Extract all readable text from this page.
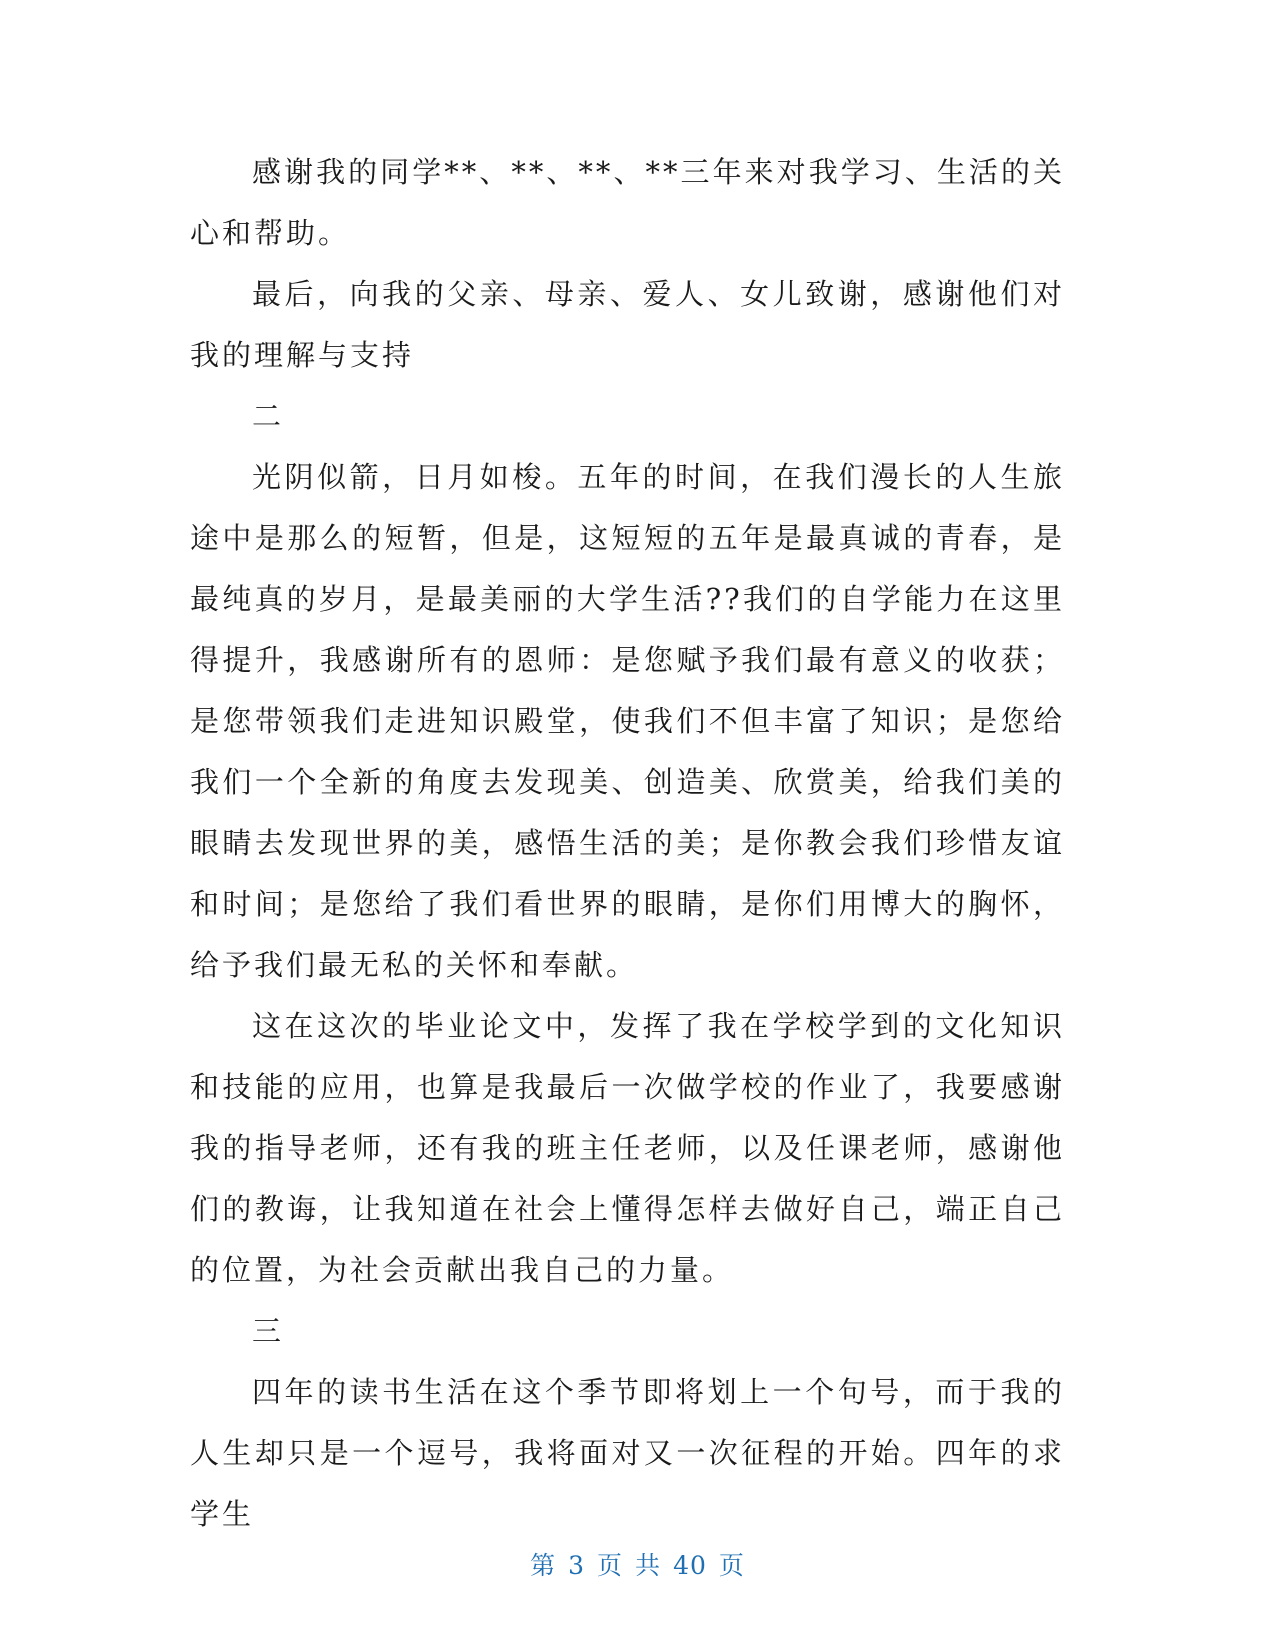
感谢我的同学**、**、**、**三年来对我学习、生活的关心和帮助。

最后，向我的父亲、母亲、爱人、女儿致谢，感谢他们对我的理解与支持

二

光阴似箭，日月如梭。五年的时间，在我们漫长的人生旅途中是那么的短暂，但是，这短短的五年是最真诚的青春，是最纯真的岁月，是最美丽的大学生活??我们的自学能力在这里得提升，我感谢所有的恩师：是您赋予我们最有意义的收获；是您带领我们走进知识殿堂，使我们不但丰富了知识；是您给我们一个全新的角度去发现美、创造美、欣赏美，给我们美的眼睛去发现世界的美，感悟生活的美；是你教会我们珍惜友谊和时间；是您给了我们看世界的眼睛，是你们用博大的胸怀，给予我们最无私的关怀和奉献。

这在这次的毕业论文中，发挥了我在学校学到的文化知识和技能的应用，也算是我最后一次做学校的作业了，我要感谢我的指导老师，还有我的班主任老师，以及任课老师，感谢他们的教诲，让我知道在社会上懂得怎样去做好自己，端正自己的位置，为社会贡献出我自己的力量。

三

四年的读书生活在这个季节即将划上一个句号，而于我的人生却只是一个逗号，我将面对又一次征程的开始。四年的求学生

第 3 页 共 40 页
